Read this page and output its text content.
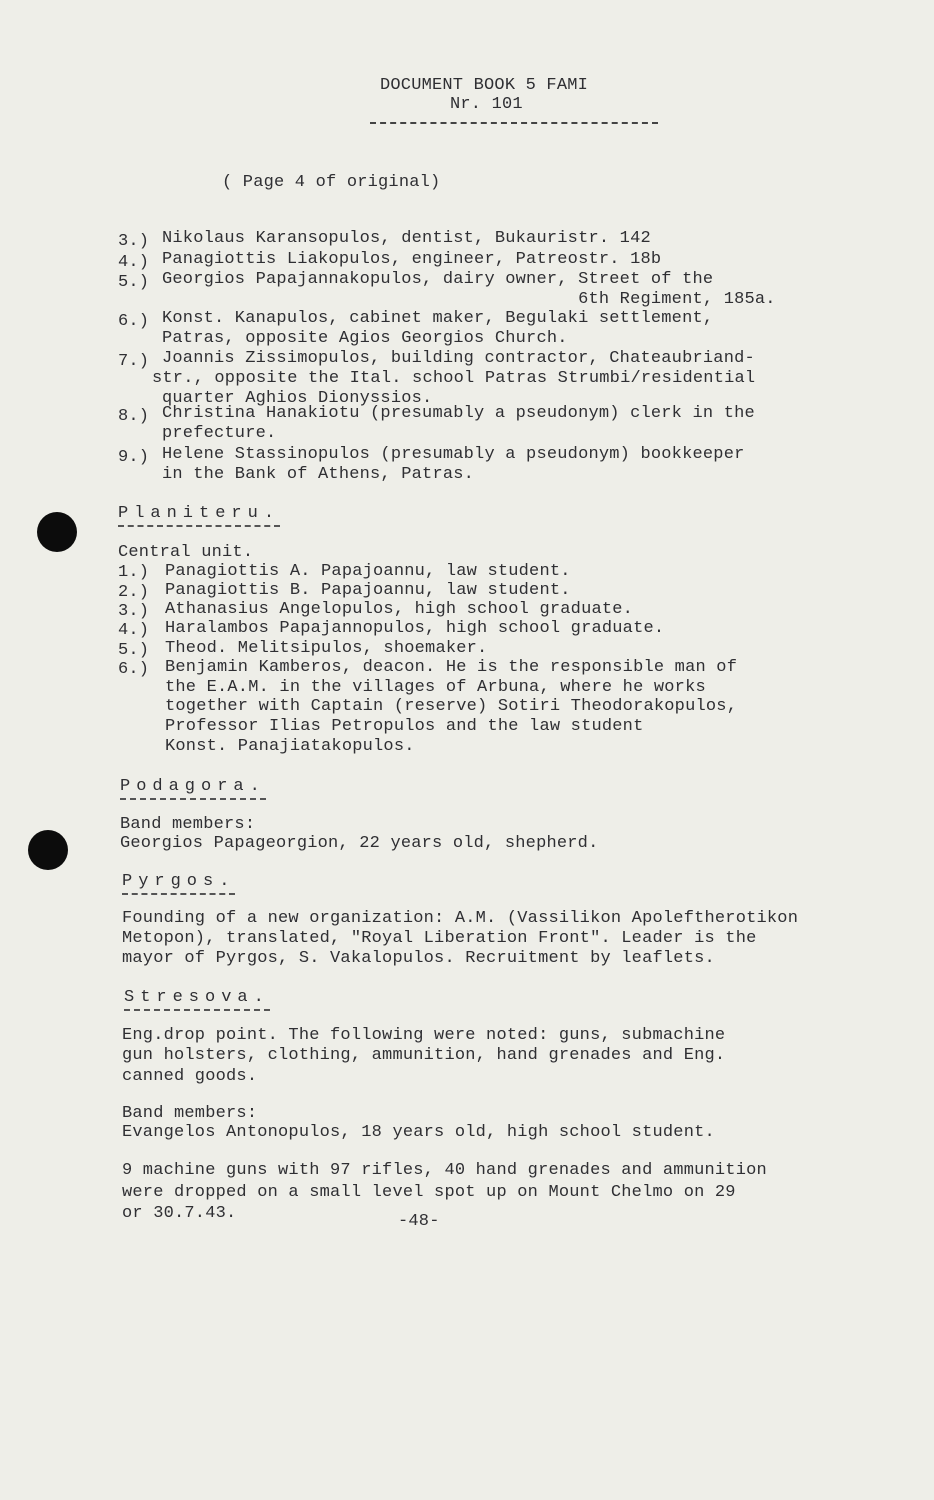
DOCUMENT BOOK 5 FAMI
Nr. 101
( Page 4 of original)
3.) Nikolaus Karansopulos, dentist, Bukauristr. 142
4.) Panagiottis Liakopulos, engineer, Patreostr. 18b
5.) Georgios Papajannakopulos, dairy owner, Street of the
6th Regiment, 185a.
6.) Konst. Kanapulos, cabinet maker, Begulaki settlement,
Patras, opposite Agios Georgios Church.
7.) Joannis Zissimopulos, building contractor, Chateaubriand-
str., opposite the Ital. school Patras Strumbi/residential
quarter Aghios Dionyssios.
8.) Christina Hanakiotu (presumably a pseudonym) clerk in the
prefecture.
9.) Helene Stassinopulos (presumably a pseudonym) bookkeeper
in the Bank of Athens, Patras.
Planiteru.
Central unit.
1.) Panagiottis A. Papajoannu, law student.
2.) Panagiottis B. Papajoannu, law student.
3.) Athanasius Angelopulos, high school graduate.
4.) Haralambos Papajannopulos, high school graduate.
5.) Theod. Melitsipulos, shoemaker.
6.) Benjamin Kamberos, deacon. He is the responsible man of
the E.A.M. in the villages of Arbuna, where he works
together with Captain (reserve) Sotiri Theodorakopulos,
Professor Ilias Petropulos and the law student
Konst. Panajiatakopulos.
Podagora.
Band members:
Georgios Papageorgion, 22 years old, shepherd.
Pyrgos.
Founding of a new organization: A.M. (Vassilikon Apoleftherotikon
Metopon), translated, "Royal Liberation Front". Leader is the
mayor of Pyrgos, S. Vakalopulos. Recruitment by leaflets.
Stresova.
Eng.drop point. The following were noted: guns, submachine
gun holsters, clothing, ammunition, hand grenades and Eng.
canned goods.
Band members:
Evangelos Antonopulos, 18 years old, high school student.
9 machine guns with 97 rifles, 40 hand grenades and ammunition
were dropped on a small level spot up on Mount Chelmo on 29
or 30.7.43.	-48-
